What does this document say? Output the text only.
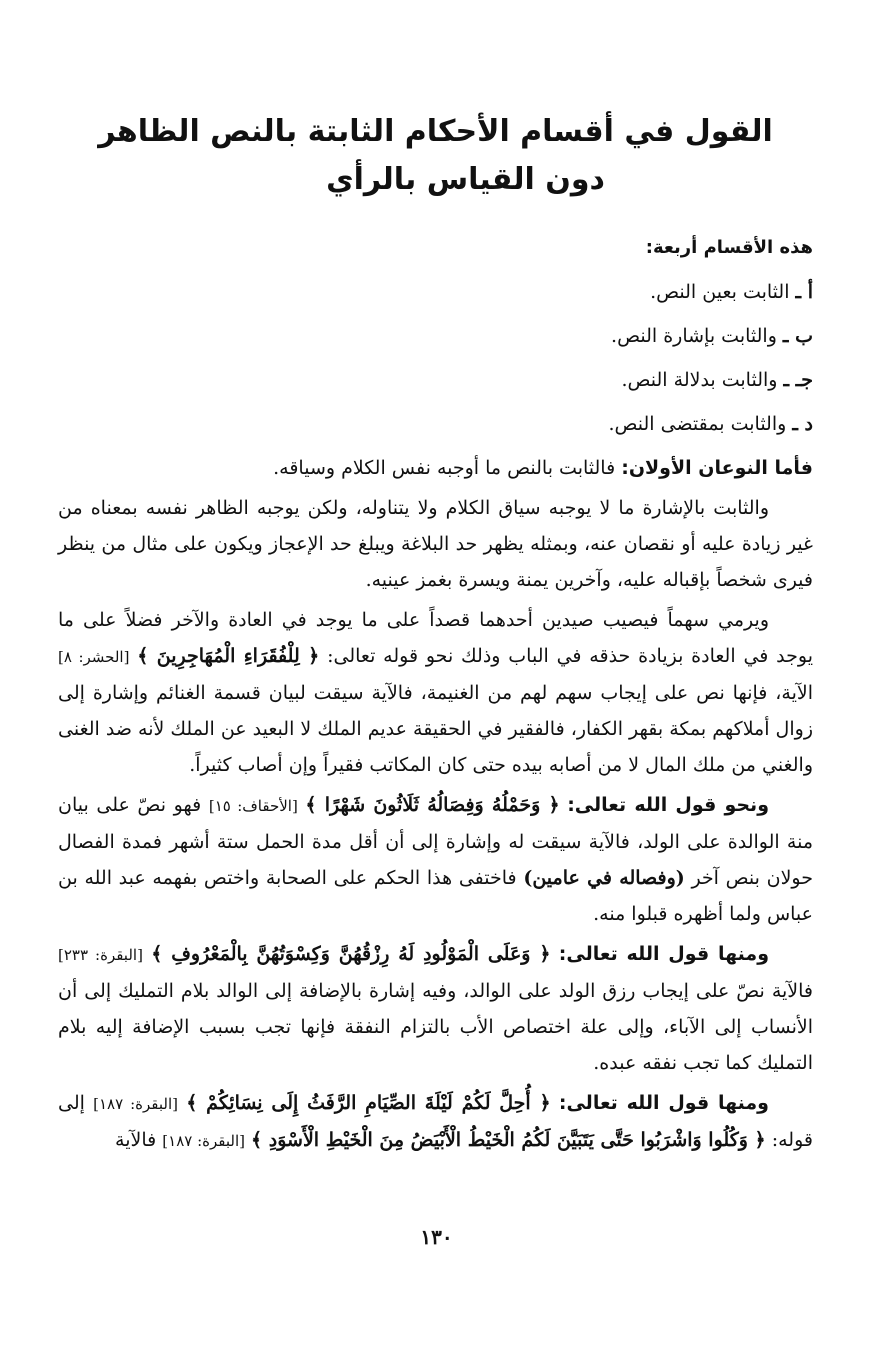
القول في أقسام الأحكام الثابتة بالنص الظاهر
دون القياس بالرأي
هذه الأقسام أربعة:
أ ـ الثابت بعين النص.
ب ـ والثابت بإشارة النص.
جـ ـ والثابت بدلالة النص.
د ـ والثابت بمقتضى النص.

فأما النوعان الأولان: فالثابت بالنص ما أوجبه نفس الكلام وسياقه.

والثابت بالإشارة ما لا يوجبه سياق الكلام ولا يتناوله، ولكن يوجبه الظاهر نفسه بمعناه من غير زيادة عليه أو نقصان عنه، وبمثله يظهر حد البلاغة ويبلغ حد الإعجاز ويكون على مثال من ينظر فيرى شخصاً بإقباله عليه، وآخرين يمنة ويسرة بغمز عينيه.

ويرمي سهماً فيصيب صيدين أحدهما قصداً على ما يوجد في العادة والآخر فضلاً على ما يوجد في العادة بزيادة حذقه في الباب وذلك نحو قوله تعالى: ﴿ لِلْفُقَرَاءِ الْمُهَاجِرِينَ ﴾ [الحشر: ٨] الآية، فإنها نص على إيجاب سهم لهم من الغنيمة، فالآية سيقت لبيان قسمة الغنائم وإشارة إلى زوال أملاكهم بمكة بقهر الكفار، فالفقير في الحقيقة عديم الملك لا البعيد عن الملك لأنه ضد الغنى والغني من ملك المال لا من أصابه بيده حتى كان المكاتب فقيراً وإن أصاب كثيراً.

ونحو قول الله تعالى: ﴿ وَحَمْلُهُ وَفِصَالُهُ ثَلَاثُونَ شَهْرًا ﴾ [الأحقاف: ١٥] فهو نصّ على بيان منة الوالدة على الولد، فالآية سيقت له وإشارة إلى أن أقل مدة الحمل ستة أشهر فمدة الفصال حولان بنص آخر (وفصاله في عامين) فاختفى هذا الحكم على الصحابة واختص بفهمه عبد الله بن عباس ولما أظهره قبلوا منه.

ومنها قول الله تعالى: ﴿ وَعَلَى الْمَوْلُودِ لَهُ رِزْقُهُنَّ وَكِسْوَتُهُنَّ بِالْمَعْرُوفِ ﴾ [البقرة: ٢٣٣] فالآية نصّ على إيجاب رزق الولد على الوالد، وفيه إشارة بالإضافة إلى الوالد بلام التمليك إلى أن الأنساب إلى الآباء، وإلى علة اختصاص الأب بالتزام النفقة فإنها تجب بسبب الإضافة إليه بلام التمليك كما تجب نفقه عبده.

ومنها قول الله تعالى: ﴿ أُحِلَّ لَكُمْ لَيْلَةَ الصِّيَامِ الرَّفَثُ إِلَى نِسَائِكُمْ ﴾ [البقرة: ١٨٧] إلى قوله: ﴿ وَكُلُوا وَاشْرَبُوا حَتَّى يَتَبَيَّنَ لَكُمُ الْخَيْطُ الْأَبْيَضُ مِنَ الْخَيْطِ الْأَسْوَدِ ﴾ [البقرة: ١٨٧] فالآية

١٣٠
